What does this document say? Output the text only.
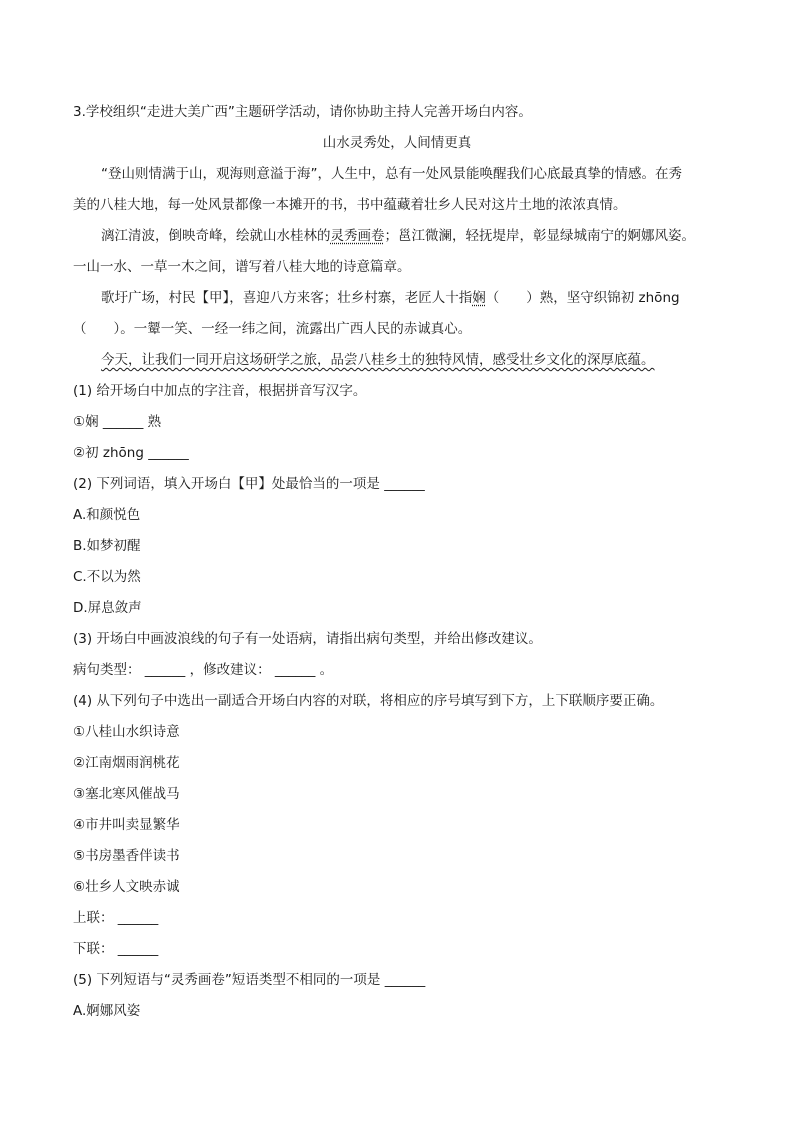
3.学校组织“走进大美广西”主题研学活动，请你协助主持人完善开场白内容。
山水灵秀处，人间情更真
“登山则情满于山，观海则意溢于海”，人生中，总有一处风景能唤醒我们心底最真挚的情感。在秀
美的八桂大地，每一处风景都像一本摊开的书，书中蕴藏着壮乡人民对这片土地的浓浓真情。
漓江清波，倒映奇峰，绘就山水桂林的灵秀画卷；邕江微澜，轻抚堤岸，彰显绿城南宁的婀娜风姿。
一山一水、一草一木之间，谱写着八桂大地的诗意篇章。
歌圩广场，村民【甲】，喜迎八方来客；壮乡村寨，老匠人十指娴（　　）熟，坚守织锦初 zhōng
（　　）。一颦一笑、一经一纬之间，流露出广西人民的赤诚真心。
今天，让我们一同开启这场研学之旅，品尝八桂乡土的独特风情，感受壮乡文化的深厚底蕴。
(1) 给开场白中加点的字注音，根据拼音写汉字。
①娴 ______ 熟
②初 zhōng ______
(2) 下列词语，填入开场白【甲】处最恰当的一项是 ______
A.和颜悦色
B.如梦初醒
C.不以为然
D.屏息敛声
(3) 开场白中画波浪线的句子有一处语病，请指出病句类型，并给出修改建议。
病句类型： ______ ，修改建议： ______ 。
(4) 从下列句子中选出一副适合开场白内容的对联，将相应的序号填写到下方，上下联顺序要正确。
①八桂山水织诗意
②江南烟雨润桃花
③塞北寒风催战马
④市井叫卖显繁华
⑤书房墨香伴读书
⑥壮乡人文映赤诚
上联： ______
下联： ______
(5) 下列短语与“灵秀画卷”短语类型不相同的一项是 ______
A.婀娜风姿
